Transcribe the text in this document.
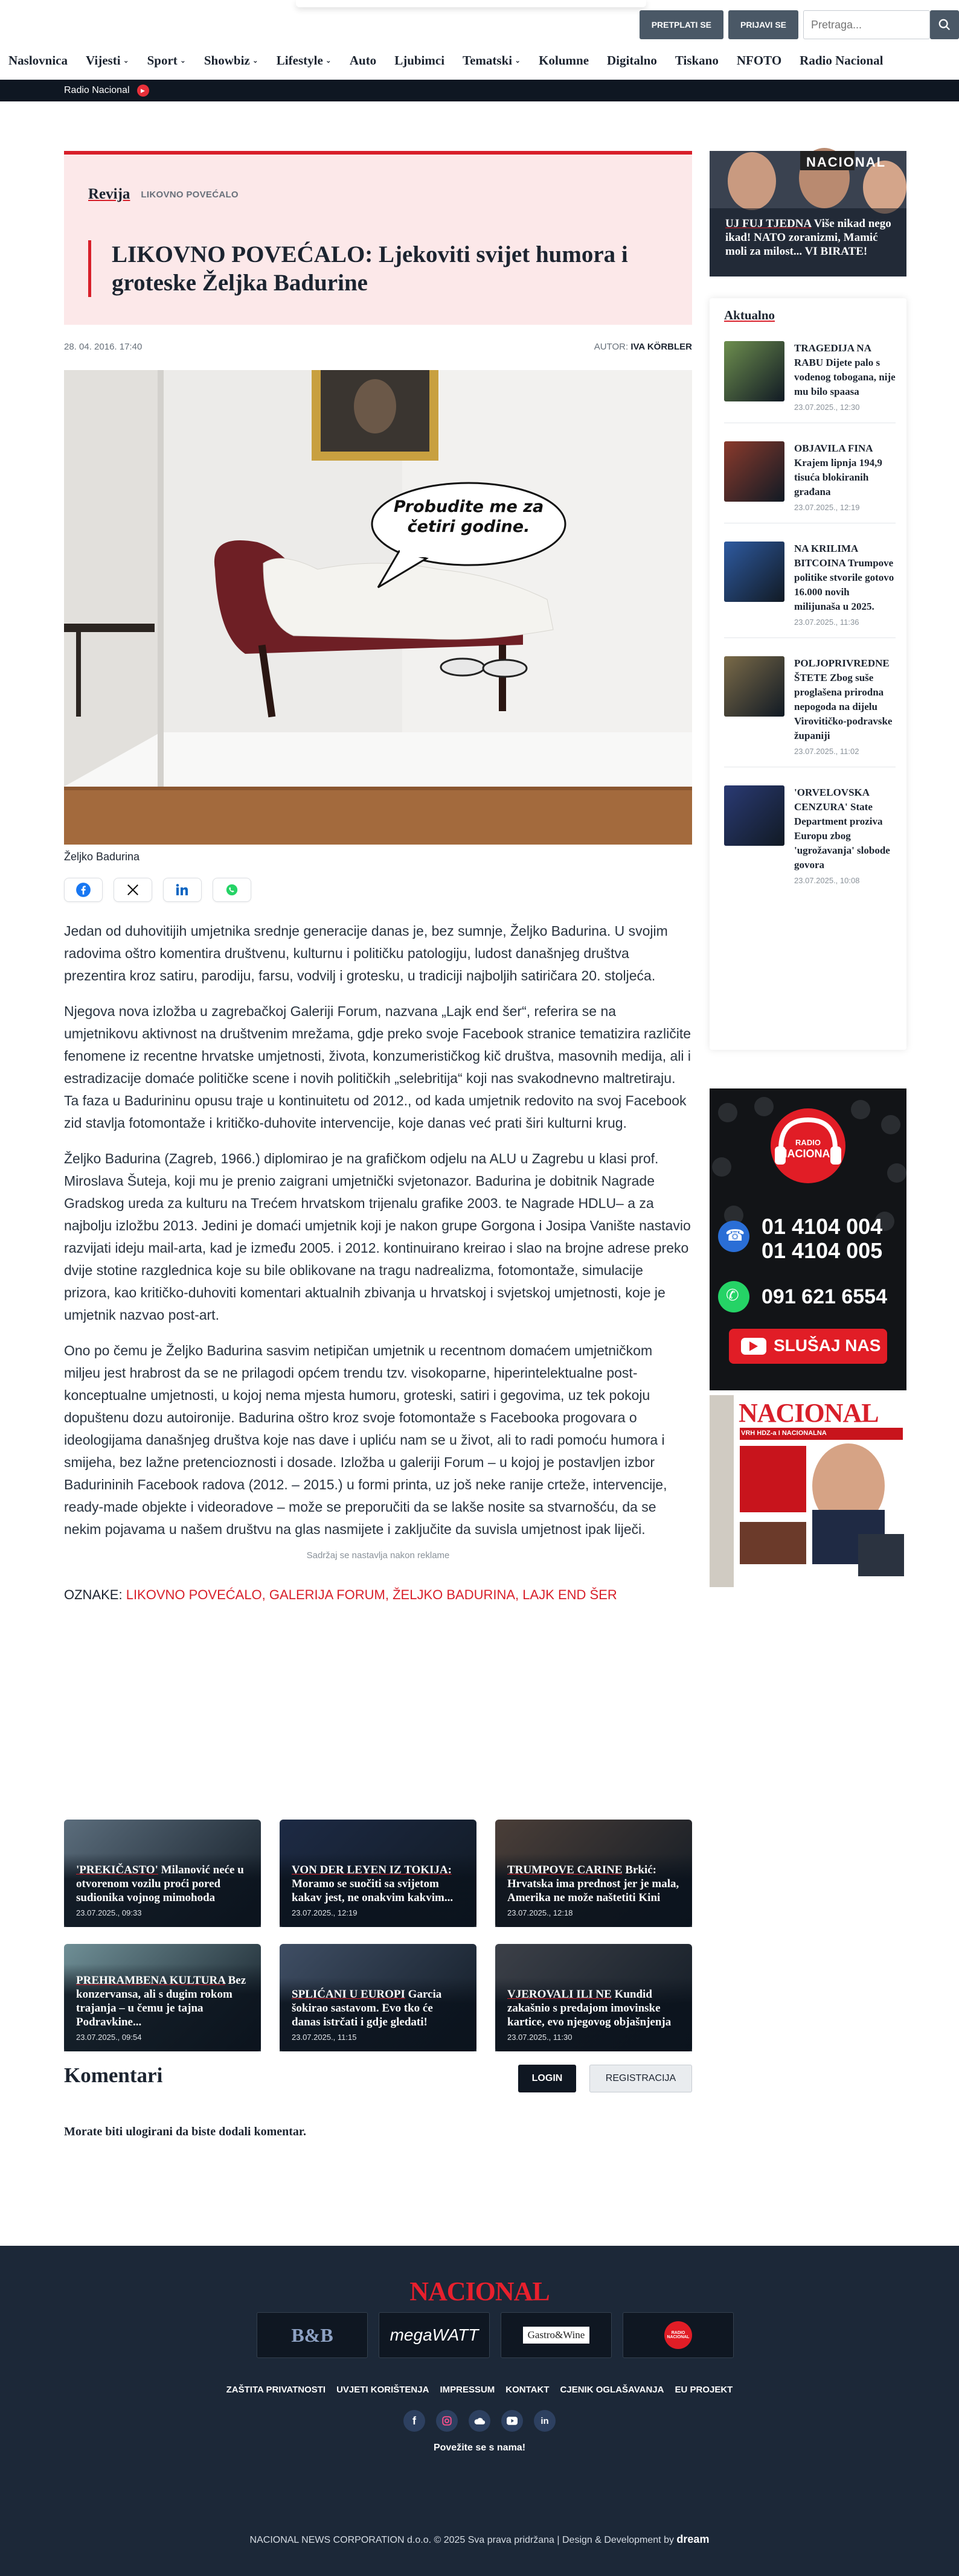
PRETPLATI SE	PRIJAVI SE
Pretraga...
Naslovnica Vijesti ⌄ Sport ⌄ Showbiz ⌄ Lifestyle ⌄ Auto Ljubimci Tematski ⌄ Kolumne Digitalno Tiskano NFOTO Radio Nacional
Radio Nacional	▶
Revija LIKOVNO POVEĆALO
LIKOVNO POVEĆALO: Ljekoviti svijet humora i groteske Željka Badurine
28. 04. 2016. 17:40	AUTOR: IVA KÖRBLER
Probudite me za četiri godine.
Željko Badurina

Jedan od duhovitijih umjetnika srednje generacije danas je, bez sumnje, Željko Badurina. U svojim radovima oštro komentira društvenu, kulturnu i političku patologiju, ludost današnjeg društva prezentira kroz satiru, parodiju, farsu, vodvilj i grotesku, u tradiciji najboljih satiričara 20. stoljeća.

Njegova nova izložba u zagrebačkoj Galeriji Forum, nazvana „Lajk end šer“, referira se na umjetnikovu aktivnost na društvenim mrežama, gdje preko svoje Facebook stranice tematizira različite fenomene iz recentne hrvatske umjetnosti, života, konzumerističkog kič društva, masovnih medija, ali i estradizacije domaće političke scene i novih političkih „selebritija“ koji nas svakodnevno maltretiraju. Ta faza u Badurininu opusu traje u kontinuitetu od 2012., od kada umjetnik redovito na svoj Facebook zid stavlja fotomontaže i kritičko-duhovite intervencije, koje danas već prati širi kulturni krug.

Željko Badurina (Zagreb, 1966.) diplomirao je na grafičkom odjelu na ALU u Zagrebu u klasi prof. Miroslava Šuteja, koji mu je prenio zaigrani umjetnički svjetonazor. Badurina je dobitnik Nagrade Gradskog ureda za kulturu na Trećem hrvatskom trijenalu grafike 2003. te Nagrade HDLU– a za najbolju izložbu 2013. Jedini je domaći umjetnik koji je nakon grupe Gorgona i Josipa Vanište nastavio razvijati ideju mail-arta, kad je između 2005. i 2012. kontinuirano kreirao i slao na brojne adrese preko dvije stotine razglednica koje su bile oblikovane na tragu nadrealizma, fotomontaže, simulacije prizora, kao kritičko-duhoviti komentari aktualnih zbivanja u hrvatskoj i svjetskoj umjetnosti, koje je umjetnik nazvao post-art.

Ono po čemu je Željko Badurina sasvim netipičan umjetnik u recentnom domaćem umjetničkom miljeu jest hrabrost da se ne prilagodi općem trendu tzv. visokoparne, hiperintelektualne post-konceptualne umjetnosti, u kojoj nema mjesta humoru, groteski, satiri i gegovima, uz tek pokoju dopuštenu dozu autoironije. Badurina oštro kroz svoje fotomontaže s Facebooka progovara o ideologijama današnjeg društva koje nas dave i upliću nam se u život, ali to radi pomoću humora i smijeha, bez lažne pretencioznosti i dosade. Izložba u galeriji Forum – u kojoj je postavljen izbor Badurininih Facebook radova (2012. – 2015.) u formi printa, uz još neke ranije crteže, intervencije, ready-made objekte i videoradove – može se preporučiti da se lakše nosite sa stvarnošću, da se nekim pojavama u našem društvu na glas nasmijete i zaključite da suvisla umjetnost ipak liječi.

Sadržaj se nastavlja nakon reklame
OZNAKE: LIKOVNO POVEĆALO, GALERIJA FORUM, ŽELJKO BADURINA, LAJK END ŠER
'PREKIČASTO' Milanović neće u otvorenom vozilu proći pored sudionika vojnog mimohoda
23.07.2025., 09:33
VON DER LEYEN IZ TOKIJA: Moramo se suočiti sa svijetom kakav jest, ne onakvim kakvim...
23.07.2025., 12:19
TRUMPOVE CARINE Brkić: Hrvatska ima prednost jer je mala, Amerika ne može naštetiti Kini
23.07.2025., 12:18
PREHRAMBENA KULTURA Bez konzervansa, ali s dugim rokom trajanja – u čemu je tajna Podravkine...
23.07.2025., 09:54
SPLIĆANI U EUROPI Garcia šokirao sastavom. Evo tko će danas istrčati i gdje gledati!
23.07.2025., 11:15
VJEROVALI ILI NE Kundid zakašnio s predajom imovinske kartice, evo njegovog objašnjenja
23.07.2025., 11:30
Komentari	LOGIN	REGISTRACIJA

Morate biti ulogirani da biste dodali komentar.

NACIONAL
UJ FUJ TJEDNA Više nikad nego ikad! NATO zoranizmi, Mamić moli za milost... VI BIRATE!
Aktualno
TRAGEDIJA NA RABU Dijete palo s vodenog tobogana, nije mu bilo spaasa
23.07.2025., 12:30
OBJAVILA FINA Krajem lipnja 194,9 tisuća blokiranih građana
23.07.2025., 12:19
NA KRILIMA BITCOINA Trumpove politike stvorile gotovo 16.000 novih milijunaša u 2025.
23.07.2025., 11:36
POLJOPRIVREDNE ŠTETE Zbog suše proglašena prirodna nepogoda na dijelu Virovitičko-podravske županiji
23.07.2025., 11:02
'ORVELOVSKA CENZURA' State Department proziva Europu zbog 'ugrožavanja' slobode govora
23.07.2025., 10:08
RADIO
NACIONAL
☎ 01 4104 004
01 4104 005
✆ 091 621 6554
SLUŠAJ NAS
NACIONAL
VRH HDZ-a I NACIONALNA
NACIONAL
B&B	megaWATT	Gastro&Wine	RADIO NACIONAL
ZAŠTITA PRIVATNOSTI UVJETI KORIŠTENJA IMPRESSUM KONTAKT CJENIK OGLAŠAVANJA EU PROJEKT
f	in
Povežite se s nama!
NACIONAL NEWS CORPORATION d.o.o. © 2025 Sva prava pridržana | Design & Development by dream
